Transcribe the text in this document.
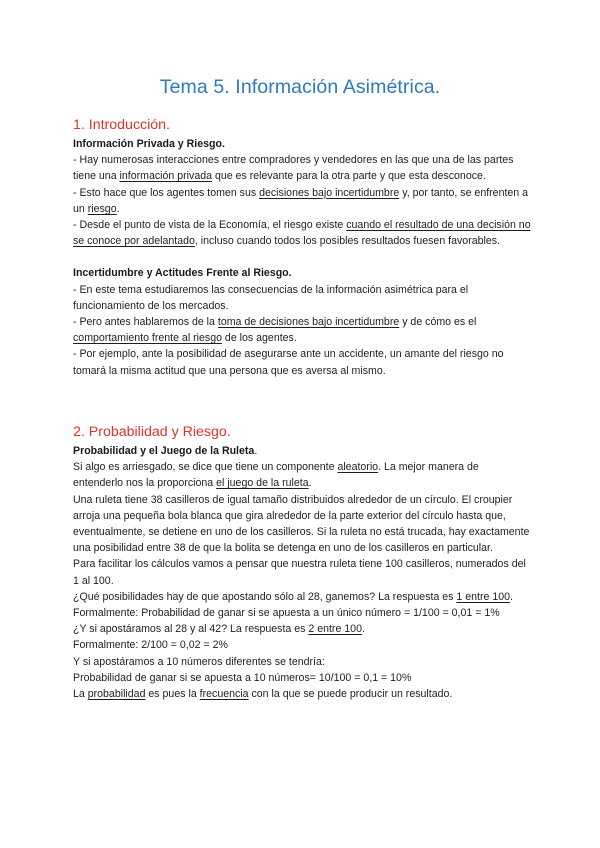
Tema 5. Información Asimétrica.
1. Introducción.
Información Privada y Riesgo.

- Hay numerosas interacciones entre compradores y vendedores en las que una de las partes tiene una información privada que es relevante para la otra parte y que esta desconoce.

- Esto hace que los agentes tomen sus decisiones bajo incertidumbre y, por tanto, se enfrenten a un riesgo.

- Desde el punto de vista de la Economía, el riesgo existe cuando el resultado de una decisión no se conoce por adelantado, incluso cuando todos los posibles resultados fuesen favorables.

Incertidumbre y Actitudes Frente al Riesgo.

- En este tema estudiaremos las consecuencias de la información asimétrica para el funcionamiento de los mercados.

- Pero antes hablaremos de la toma de decisiones bajo incertidumbre y de cómo es el comportamiento frente al riesgo de los agentes.

- Por ejemplo, ante la posibilidad de asegurarse ante un accidente, un amante del riesgo no tomará la misma actitud que una persona que es aversa al mismo.

2. Probabilidad y Riesgo.
Probabilidad y el Juego de la Ruleta.

Si algo es arriesgado, se dice que tiene un componente aleatorio. La mejor manera de entenderlo nos la proporciona el juego de la ruleta.

Una ruleta tiene 38 casilleros de igual tamaño distribuidos alrededor de un círculo. El croupier arroja una pequeña bola blanca que gira alrededor de la parte exterior del círculo hasta que, eventualmente, se detiene en uno de los casilleros. Si la ruleta no está trucada, hay exactamente una posibilidad entre 38 de que la bolita se detenga en uno de los casilleros en particular.

Para facilitar los cálculos vamos a pensar que nuestra ruleta tiene 100 casilleros, numerados del 1 al 100.

¿Qué posibilidades hay de que apostando sólo al 28, ganemos? La respuesta es 1 entre 100.

Formalmente: Probabilidad de ganar si se apuesta a un único número = 1/100 = 0,01 = 1%

¿Y si apostáramos al 28 y al 42? La respuesta es 2 entre 100.

Formalmente: 2/100 = 0,02 = 2%

Y si apostáramos a 10 números diferentes se tendría:

Probabilidad de ganar si se apuesta a 10 números= 10/100 = 0,1 = 10%

La probabilidad es pues la frecuencia con la que se puede producir un resultado.
